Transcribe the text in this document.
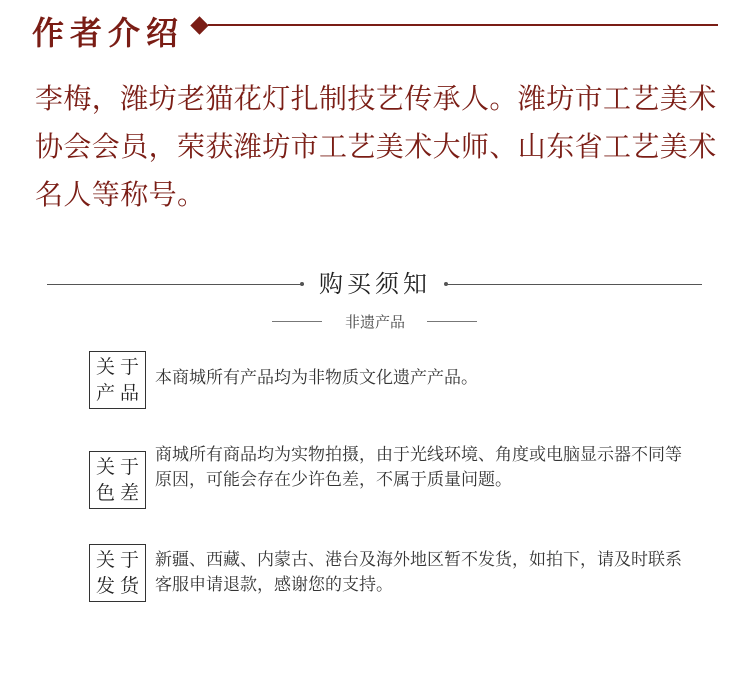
作者介绍
李梅，潍坊老猫花灯扎制技艺传承人。潍坊市工艺美术协会会员，荣获潍坊市工艺美术大师、山东省工艺美术名人等称号。
购买须知
非遗产品
关于
产品
本商城所有产品均为非物质文化遗产产品。
关于
色差
商城所有商品均为实物拍摄，由于光线环境、角度或电脑显示器不同等原因，可能会存在少许色差，不属于质量问题。
关于
发货
新疆、西藏、内蒙古、港台及海外地区暂不发货，如拍下，请及时联系客服申请退款，感谢您的支持。
